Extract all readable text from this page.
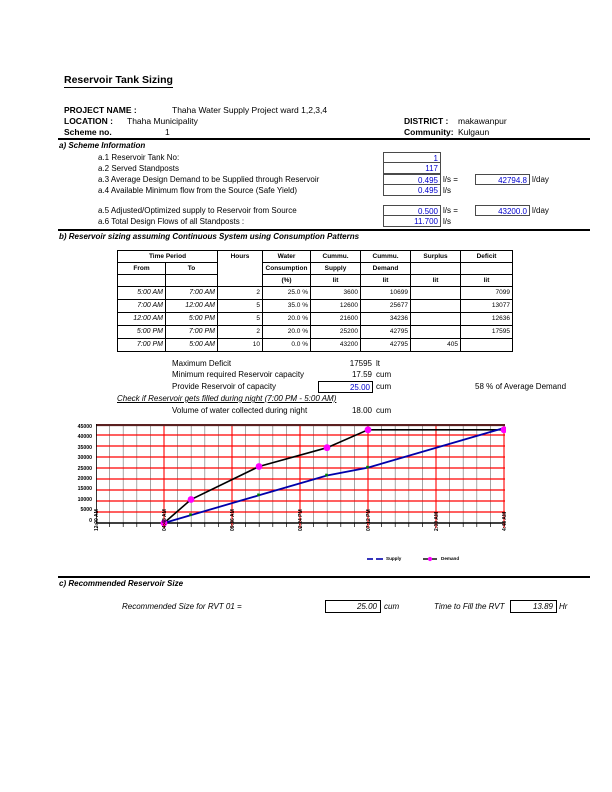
Reservoir Tank Sizing
PROJECT NAME :	Thaha Water Supply Project ward 1,2,3,4
LOCATION : Thaha Municipality	DISTRICT : makawanpur
Scheme no.	1	Community: Kulgaun
a) Scheme Information
a.1 Reservoir Tank No:	1
a.2 Served Standposts	117
a.3 Average Design Demand to be Supplied through Reservoir	0.495 l/s =	42794.8 l/day
a.4 Available Minimum flow from the Source (Safe Yield)	0.495 l/s
a.5 Adjusted/Optimized supply to Reservoir from Source	0.500 l/s =	43200.0 l/day
a.6 Total Design Flows of all Standposts :	11.700 l/s
b) Reservoir sizing assuming Continuous System using Consumption Patterns
Time Period		Hours	Water	Cummu.	Cummu.	Surplus	Deficit
From	To		Consumption	Supply	Demand		
			(%)	lit	lit	lit	lit
5:00 AM	7:00 AM	2	25.0 %	3600	10699		7099
7:00 AM	12:00 AM	5	35.0 %	12600	25677		13077
12:00 AM	5:00 PM	5	20.0 %	21600	34236		12636
5:00 PM	7:00 PM	2	20.0 %	25200	42795		17595
7:00 PM	5:00 AM	10	0.0 %	43200	42795	405	
Maximum Deficit	17595 lt
Minimum required Reservoir capacity	17.59 cum
Provide Reservoir of capacity	25.00 cum	58 % of Average Demand
Check if Reservoir gets filled during night (7:00 PM - 5:00 AM)
Volume of water collected during night	18.00 cum
45000
40000
35000
30000
25000
20000
15000
10000
5000
0 12:00 AM	04:48 AM	09:36 AM	02:24 PM	07:12 PM	2:00 AM	4:48 AM
Supply	Demand
c) Recommended Reservoir Size
Recommended Size for RVT 01 =	25.00 cum	Time to Fill the RVT	13.89 Hr
